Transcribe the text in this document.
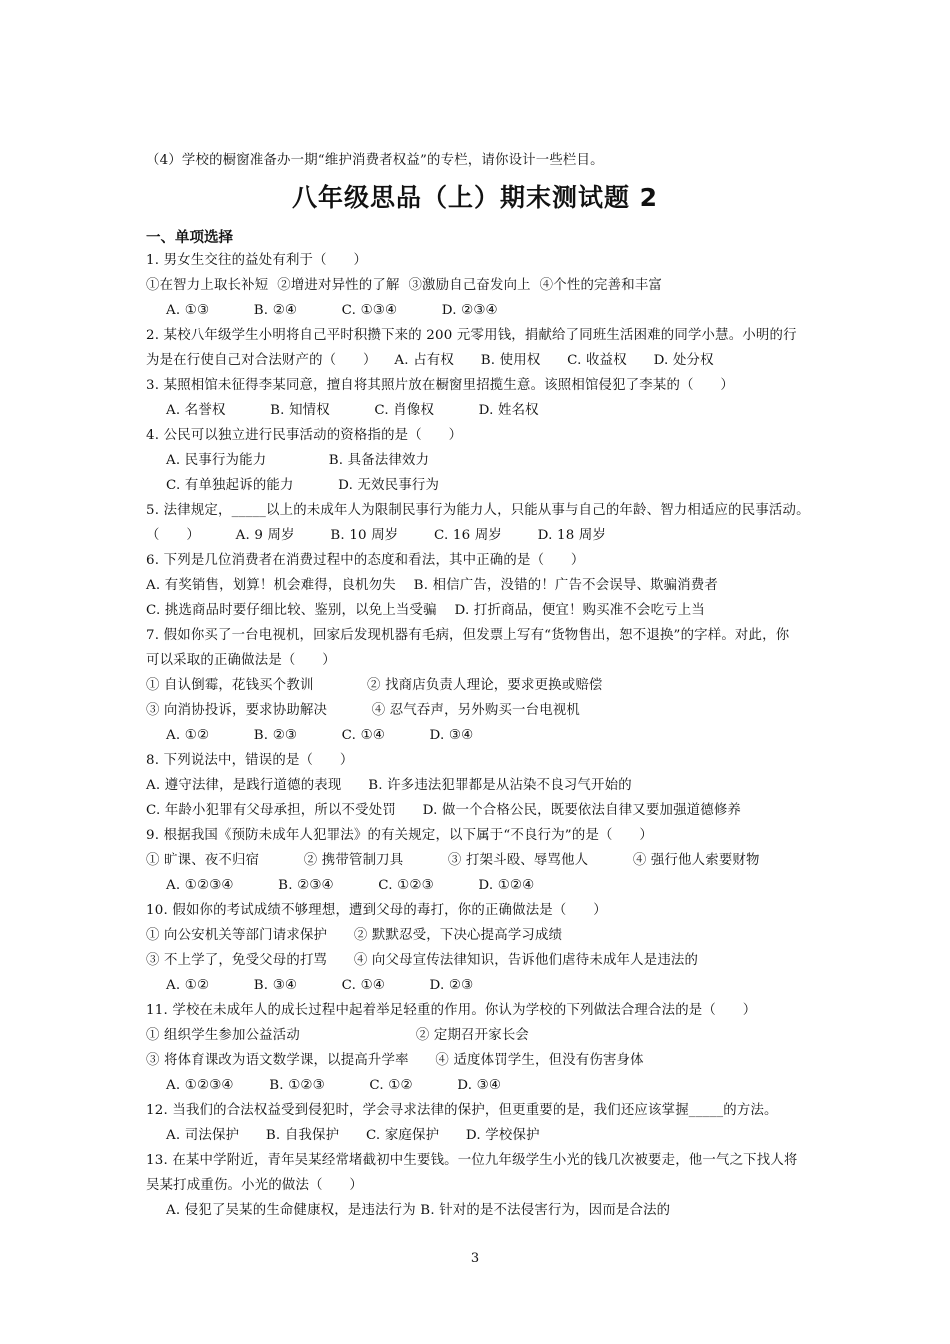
（4）学校的橱窗准备办一期“维护消费者权益”的专栏，请你设计一些栏目。
八年级思品（上）期末测试题 2
一、单项选择
1. 男女生交往的益处有利于（      ）
①在智力上取长补短  ②增进对异性的了解  ③激励自己奋发向上  ④个性的完善和丰富
A. ①③          B. ②④          C. ①③④          D. ②③④
2. 某校八年级学生小明将自己平时积攒下来的 200 元零用钱，捐献给了同班生活困难的同学小慧。小明的行
为是在行使自己对合法财产的（      ）    A. 占有权      B. 使用权      C. 收益权      D. 处分权
3. 某照相馆未征得李某同意，擅自将其照片放在橱窗里招揽生意。该照相馆侵犯了李某的（      ）
A. 名誉权          B. 知情权          C. 肖像权          D. 姓名权
4. 公民可以独立进行民事活动的资格指的是（      ）
A. 民事行为能力              B. 具备法律效力
C. 有单独起诉的能力          D. 无效民事行为
5. 法律规定，_____以上的未成年人为限制民事行为能力人，只能从事与自己的年龄、智力相适应的民事活动。
（      ）        A. 9 周岁        B. 10 周岁        C. 16 周岁        D. 18 周岁
6. 下列是几位消费者在消费过程中的态度和看法，其中正确的是（      ）
A. 有奖销售，划算！机会难得，良机勿失    B. 相信广告，没错的！广告不会误导、欺骗消费者
C. 挑选商品时要仔细比较、鉴别，以免上当受骗    D. 打折商品，便宜！购买准不会吃亏上当
7. 假如你买了一台电视机，回家后发现机器有毛病，但发票上写有“货物售出，恕不退换”的字样。对此，你
可以采取的正确做法是（      ）
① 自认倒霉，花钱买个教训            ② 找商店负责人理论，要求更换或赔偿
③ 向消协投诉，要求协助解决          ④ 忍气吞声，另外购买一台电视机
A. ①②          B. ②③          C. ①④          D. ③④
8. 下列说法中，错误的是（      ）
A. 遵守法律，是践行道德的表现      B. 许多违法犯罪都是从沾染不良习气开始的
C. 年龄小犯罪有父母承担，所以不受处罚      D. 做一个合格公民，既要依法自律又要加强道德修养
9. 根据我国《预防未成年人犯罪法》的有关规定，以下属于“不良行为”的是（      ）
① 旷课、夜不归宿          ② 携带管制刀具          ③ 打架斗殴、辱骂他人          ④ 强行他人索要财物
A. ①②③④          B. ②③④          C. ①②③          D. ①②④
10. 假如你的考试成绩不够理想，遭到父母的毒打，你的正确做法是（      ）
① 向公安机关等部门请求保护      ② 默默忍受，下决心提高学习成绩
③ 不上学了，免受父母的打骂      ④ 向父母宣传法律知识，告诉他们虐待未成年人是违法的
A. ①②          B. ③④          C. ①④          D. ②③
11. 学校在未成年人的成长过程中起着举足轻重的作用。你认为学校的下列做法合理合法的是（      ）
① 组织学生参加公益活动                          ② 定期召开家长会
③ 将体育课改为语文数学课，以提高升学率      ④ 适度体罚学生，但没有伤害身体
A. ①②③④        B. ①②③          C. ①②          D. ③④
12. 当我们的合法权益受到侵犯时，学会寻求法律的保护，但更重要的是，我们还应该掌握_____的方法。
A. 司法保护      B. 自我保护      C. 家庭保护      D. 学校保护
13. 在某中学附近，青年吴某经常堵截初中生要钱。一位九年级学生小光的钱几次被要走，他一气之下找人将
吴某打成重伤。小光的做法（      ）
A. 侵犯了吴某的生命健康权，是违法行为 B. 针对的是不法侵害行为，因而是合法的
3
